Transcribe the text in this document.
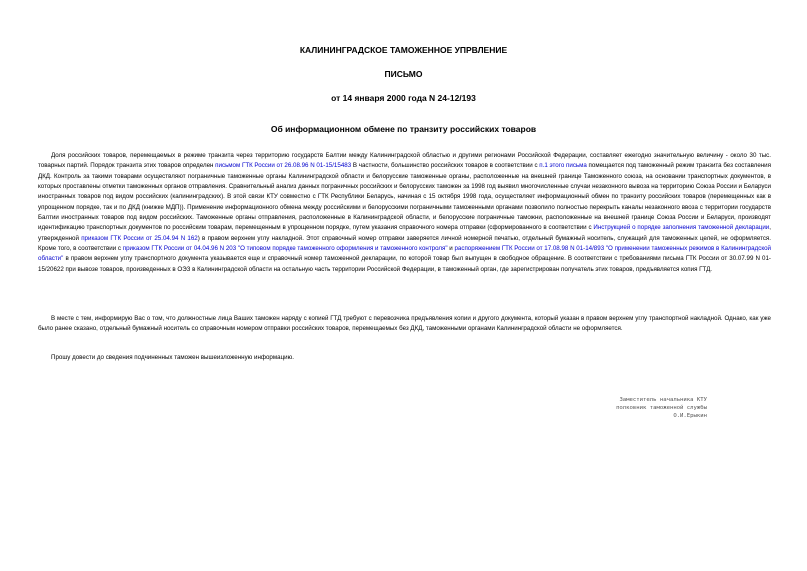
КАЛИНИНГРАДСКОЕ ТАМОЖЕННОЕ УПРВЛЕНИЕ
ПИСЬМО
от 14 января 2000 года N 24-12/193
Об информационном обмене по транзиту российских товаров

Доля российских товаров, перемещаемых в режиме транзита через территорию государств Балтии между Калининградской областью и другими регионами Российской Федерации, составляет ежегодно значительную величину - около 30 тыс. товарных партий. Порядок транзита этих товаров определен письмом ГТК России от 26.08.96 N 01-15/15483 В частности, большинство российских товаров в соответствии с п.1 этого письма помещается под таможенный режим транзита без составления ДКД. Контроль за такими товарами осуществляют пограничные таможенные органы Калининградской области и белорусские таможенные органы, расположенные на внешней границе Таможенного союза, на основании транспортных документов, в которых проставлены отметки таможенных органов отправления. Сравнительный анализ данных пограничных российских и белорусских таможен за 1998 год выявил многочисленные случаи незаконного вывоза на территорию Союза России и Беларуси иностранных товаров под видом российских (калининградских). В этой связи КТУ совместно с ГТК Республики Беларусь, начиная с 15 октября 1998 года, осуществляет информационный обмен по транзиту российских товаров (перемещенных как в упрощенном порядке, так и по ДКД (книжке МДП)). Применение информационного обмена между российскими и белорусскими пограничными таможенными органами позволило полностью перекрыть каналы незаконного ввоза с территории государств Балтии иностранных товаров под видом российских. Таможенные органы отправления, расположенные в Калининградской области, и белорусские пограничные таможни, расположенные на внешней границе Союза России и Беларуси, производят идентификацию транспортных документов по российским товарам, перемещенным в упрощенном порядке, путем указания справочного номера отправки (сформированного в соответствии с Инструкцией о порядке заполнения таможенной декларации, утвержденной приказом ГТК России от 25.04.94 N 162) в правом верхнем углу накладной. Этот справочный номер отправки заверяется личной номерной печатью, отдельный бумажный носитель, служащий для таможенных целей, не оформляется. Кроме того, в соответствии с приказом ГТК России от 04.04.96 N 203 "О типовом порядке таможенного оформления и таможенного контроля" и распоряжением ГТК России от 17.08.98 N 01-14/893 "О применении таможенных режимов в Калининградской области" в правом верхнем углу транспортного документа указывается еще и справочный номер таможенной декларации, по которой товар был выпущен в свободное обращение. В соответствии с требованиями письма ГТК России от 30.07.99 N 01-15/20622 при вывозе товаров, произведенных в ОЭЗ в Калининградской области на остальную часть территории Российской Федерации, в таможенный орган, где зарегистрирован получатель этих товаров, предъявляется копия ГТД.

В месте с тем, информирую Вас о том, что должностные лица Ваших таможен наряду с копией ГТД требуют с перевозчика предъявления копии и другого документа, который указан в правом верхнем углу транспортной накладной. Однако, как уже было ранее сказано, отдельный бумажный носитель со справочным номером отправки российских товаров, перемещаемых без ДКД, таможенными органами Калининградской области не оформляется.

Прошу довести до сведения подчиненных таможен вышеизложенную информацию.

Заместитель начальника КТУ
полковник таможенной службы
О.И.Ерыкин
